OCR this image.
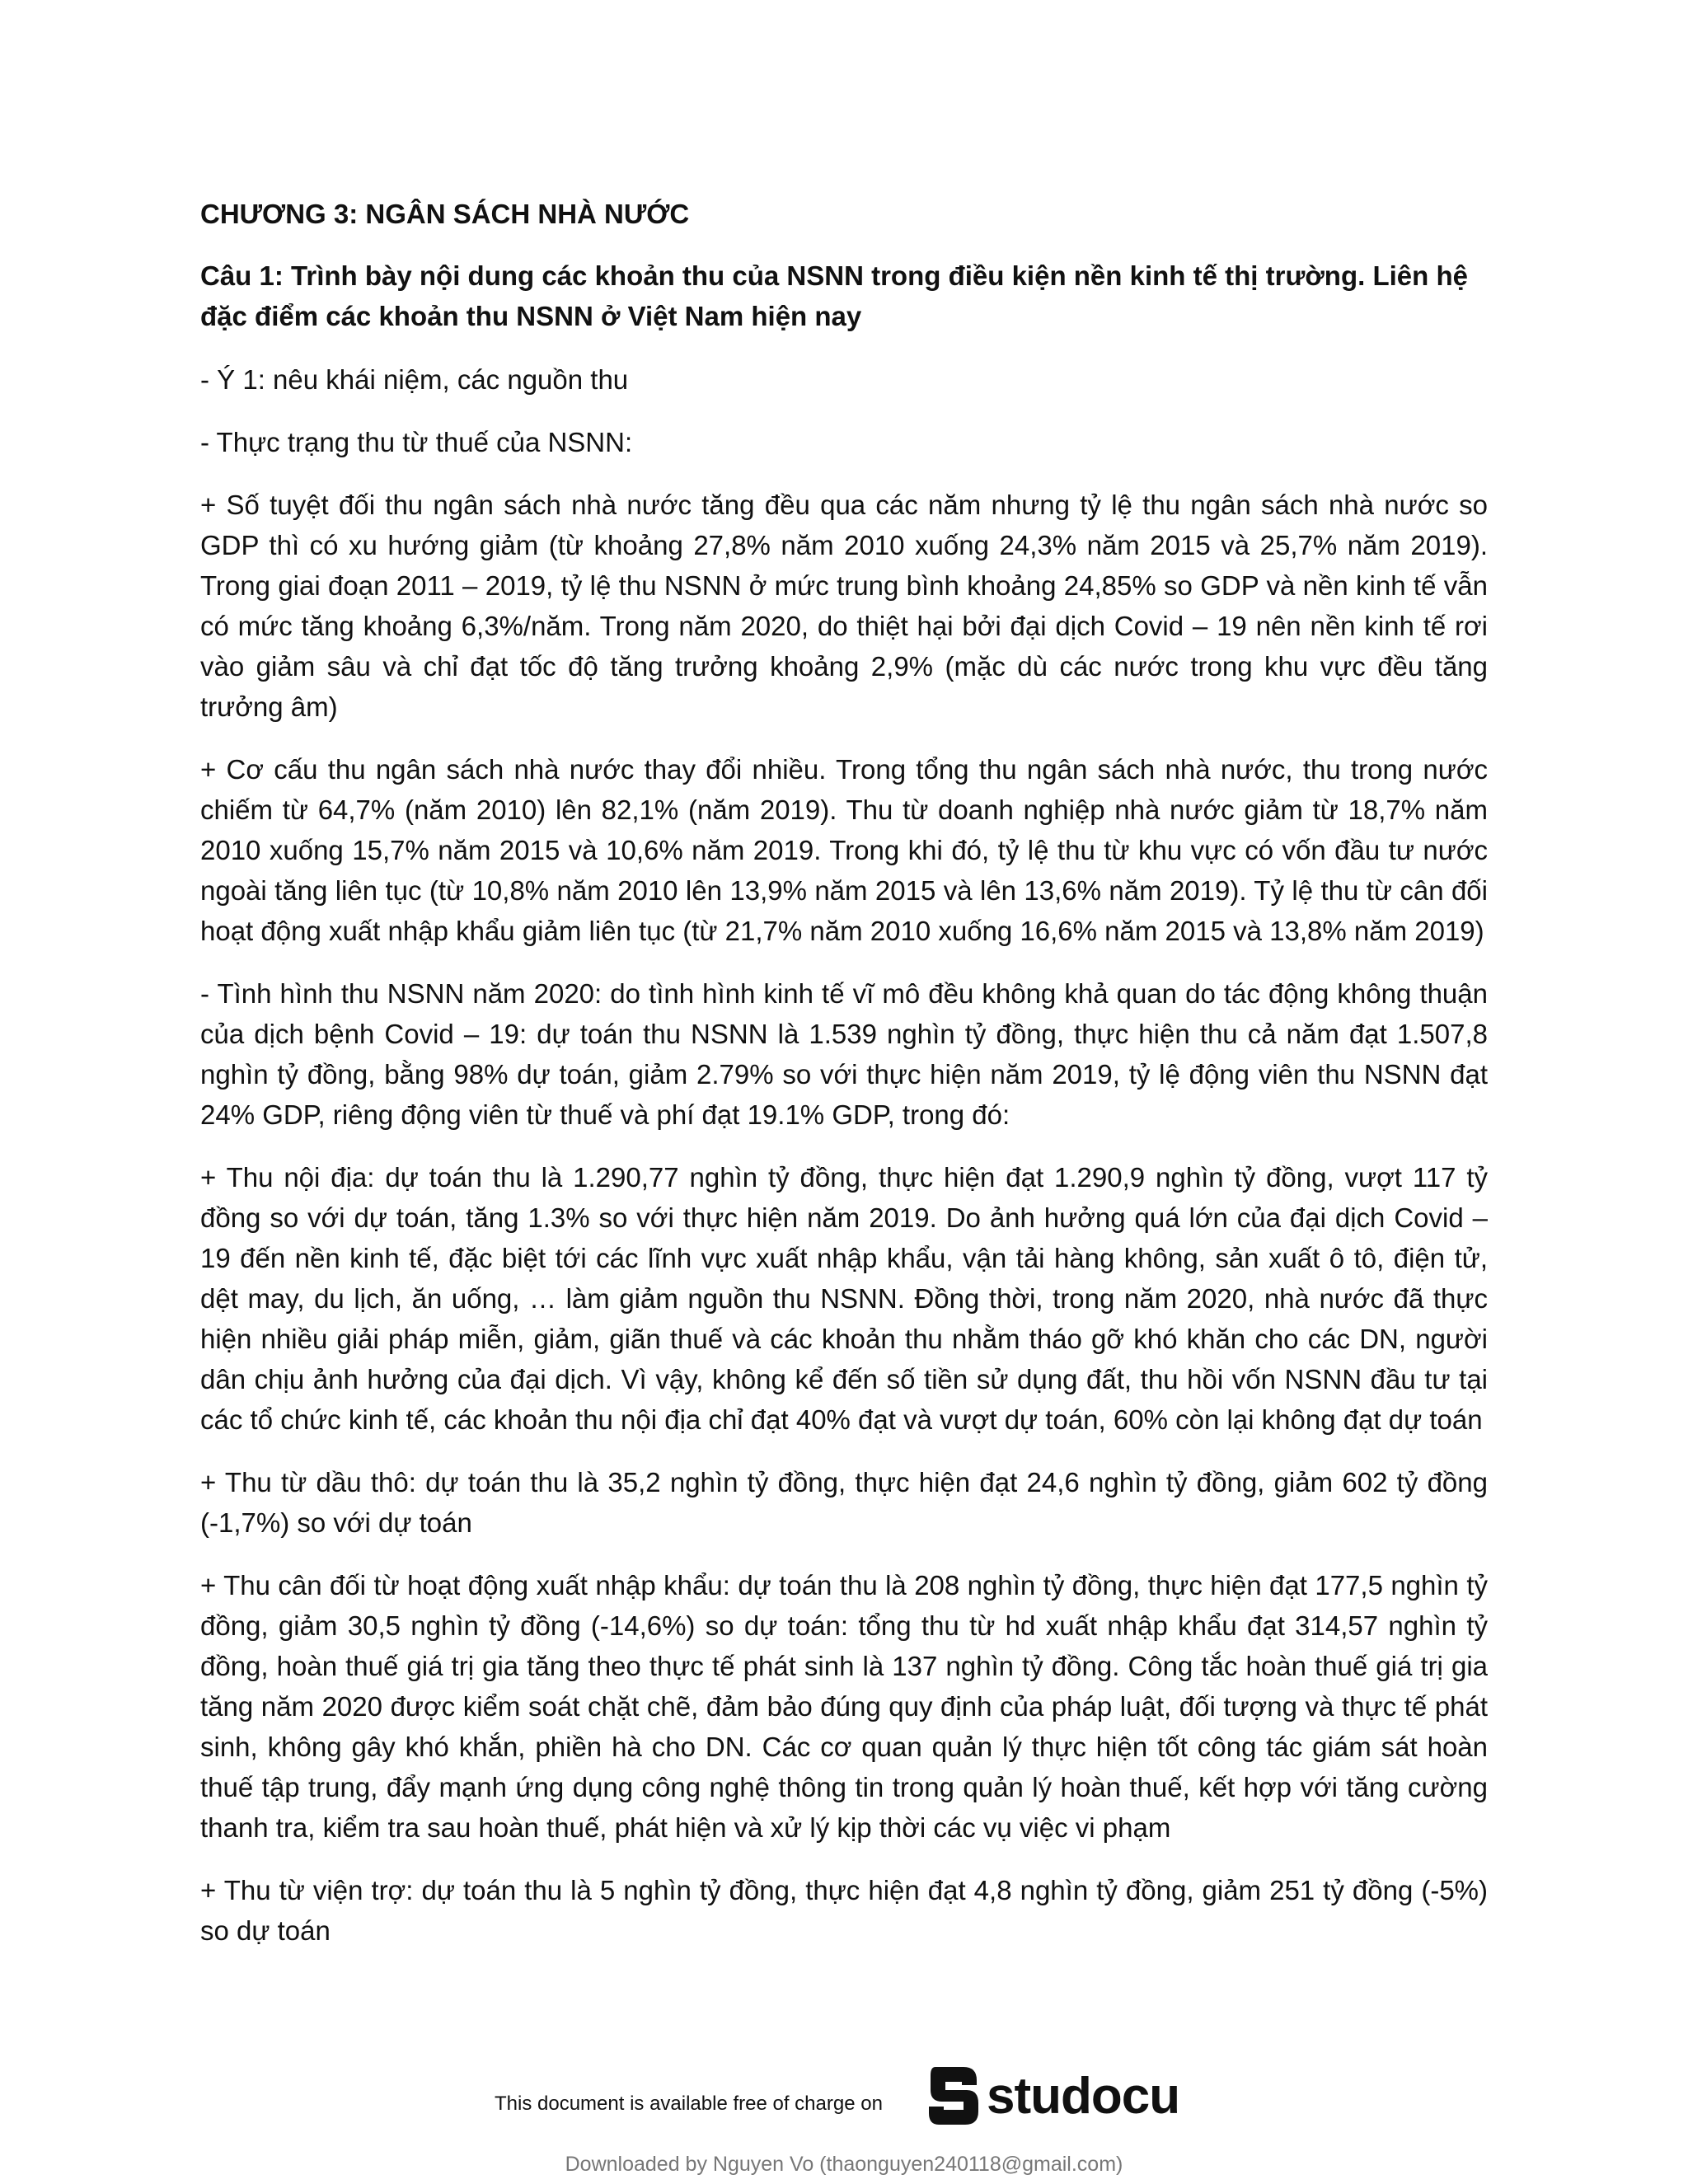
CHƯƠNG 3: NGÂN SÁCH NHÀ NƯỚC
Câu 1: Trình bày nội dung các khoản thu của NSNN trong điều kiện nền kinh tế thị trường. Liên hệ đặc điểm các khoản thu NSNN ở Việt Nam hiện nay

- Ý 1: nêu khái niệm, các nguồn thu

- Thực trạng thu từ thuế của NSNN:

+ Số tuyệt đối thu ngân sách nhà nước tăng đều qua các năm nhưng tỷ lệ thu ngân sách nhà nước so GDP thì có xu hướng giảm (từ khoảng 27,8% năm 2010 xuống 24,3% năm 2015 và 25,7% năm 2019). Trong giai đoạn 2011 – 2019, tỷ lệ thu NSNN ở mức trung bình khoảng 24,85% so GDP và nền kinh tế vẫn có mức tăng khoảng 6,3%/năm. Trong năm 2020, do thiệt hại bởi đại dịch Covid – 19 nên nền kinh tế rơi vào giảm sâu và chỉ đạt tốc độ tăng trưởng khoảng 2,9% (mặc dù các nước trong khu vực đều tăng trưởng âm)

+ Cơ cấu thu ngân sách nhà nước thay đổi nhiều. Trong tổng thu ngân sách nhà nước, thu trong nước chiếm từ 64,7% (năm 2010) lên 82,1% (năm 2019). Thu từ doanh nghiệp nhà nước giảm từ 18,7% năm 2010 xuống 15,7% năm 2015 và 10,6% năm 2019. Trong khi đó, tỷ lệ thu từ khu vực có vốn đầu tư nước ngoài tăng liên tục (từ 10,8% năm 2010 lên 13,9% năm 2015 và lên 13,6% năm 2019). Tỷ lệ thu từ cân đối hoạt động xuất nhập khẩu giảm liên tục (từ 21,7% năm 2010 xuống 16,6% năm 2015 và 13,8% năm 2019)

- Tình hình thu NSNN năm 2020: do tình hình kinh tế vĩ mô đều không khả quan do tác động không thuận của dịch bệnh Covid – 19: dự toán thu NSNN là 1.539 nghìn tỷ đồng, thực hiện thu cả năm đạt 1.507,8 nghìn tỷ đồng, bằng 98% dự toán, giảm 2.79% so với thực hiện năm 2019, tỷ lệ động viên thu NSNN đạt 24% GDP, riêng động viên từ thuế và phí đạt 19.1% GDP, trong đó:

+ Thu nội địa: dự toán thu là 1.290,77 nghìn tỷ đồng, thực hiện đạt 1.290,9 nghìn tỷ đồng, vượt 117 tỷ đồng so với dự toán, tăng 1.3% so với thực hiện năm 2019. Do ảnh hưởng quá lớn của đại dịch Covid – 19 đến nền kinh tế, đặc biệt tới các lĩnh vực xuất nhập khẩu, vận tải hàng không, sản xuất ô tô, điện tử, dệt may, du lịch, ăn uống, … làm giảm nguồn thu NSNN. Đồng thời, trong năm 2020, nhà nước đã thực hiện nhiều giải pháp miễn, giảm, giãn thuế và các khoản thu nhằm tháo gỡ khó khăn cho các DN, người dân chịu ảnh hưởng của đại dịch. Vì vậy, không kể đến số tiền sử dụng đất, thu hồi vốn NSNN đầu tư tại các tổ chức kinh tế, các khoản thu nội địa chỉ đạt 40% đạt và vượt dự toán, 60% còn lại không đạt dự toán

+ Thu từ dầu thô: dự toán thu là 35,2 nghìn tỷ đồng, thực hiện đạt 24,6 nghìn tỷ đồng, giảm 602 tỷ đồng (-1,7%) so với dự toán

+ Thu cân đối từ hoạt động xuất nhập khẩu: dự toán thu là 208 nghìn tỷ đồng, thực hiện đạt 177,5 nghìn tỷ đồng, giảm 30,5 nghìn tỷ đồng (-14,6%) so dự toán: tổng thu từ hd xuất nhập khẩu đạt 314,57 nghìn tỷ đồng, hoàn thuế giá trị gia tăng theo thực tế phát sinh là 137 nghìn tỷ đồng. Công tắc hoàn thuế giá trị gia tăng năm 2020 được kiểm soát chặt chẽ, đảm bảo đúng quy định của pháp luật, đối tượng và thực tế phát sinh, không gây khó khắn, phiền hà cho DN. Các cơ quan quản lý thực hiện tốt công tác giám sát hoàn thuế tập trung, đẩy mạnh ứng dụng công nghệ thông tin trong quản lý hoàn thuế, kết hợp với tăng cường thanh tra, kiểm tra sau hoàn thuế, phát hiện và xử lý kịp thời các vụ việc vi phạm

+ Thu từ viện trợ: dự toán thu là 5 nghìn tỷ đồng, thực hiện đạt 4,8 nghìn tỷ đồng, giảm 251 tỷ đồng (-5%) so dự toán

This document is available free of charge on studocu
Downloaded by Nguyen Vo (thaonguyen240118@gmail.com)
